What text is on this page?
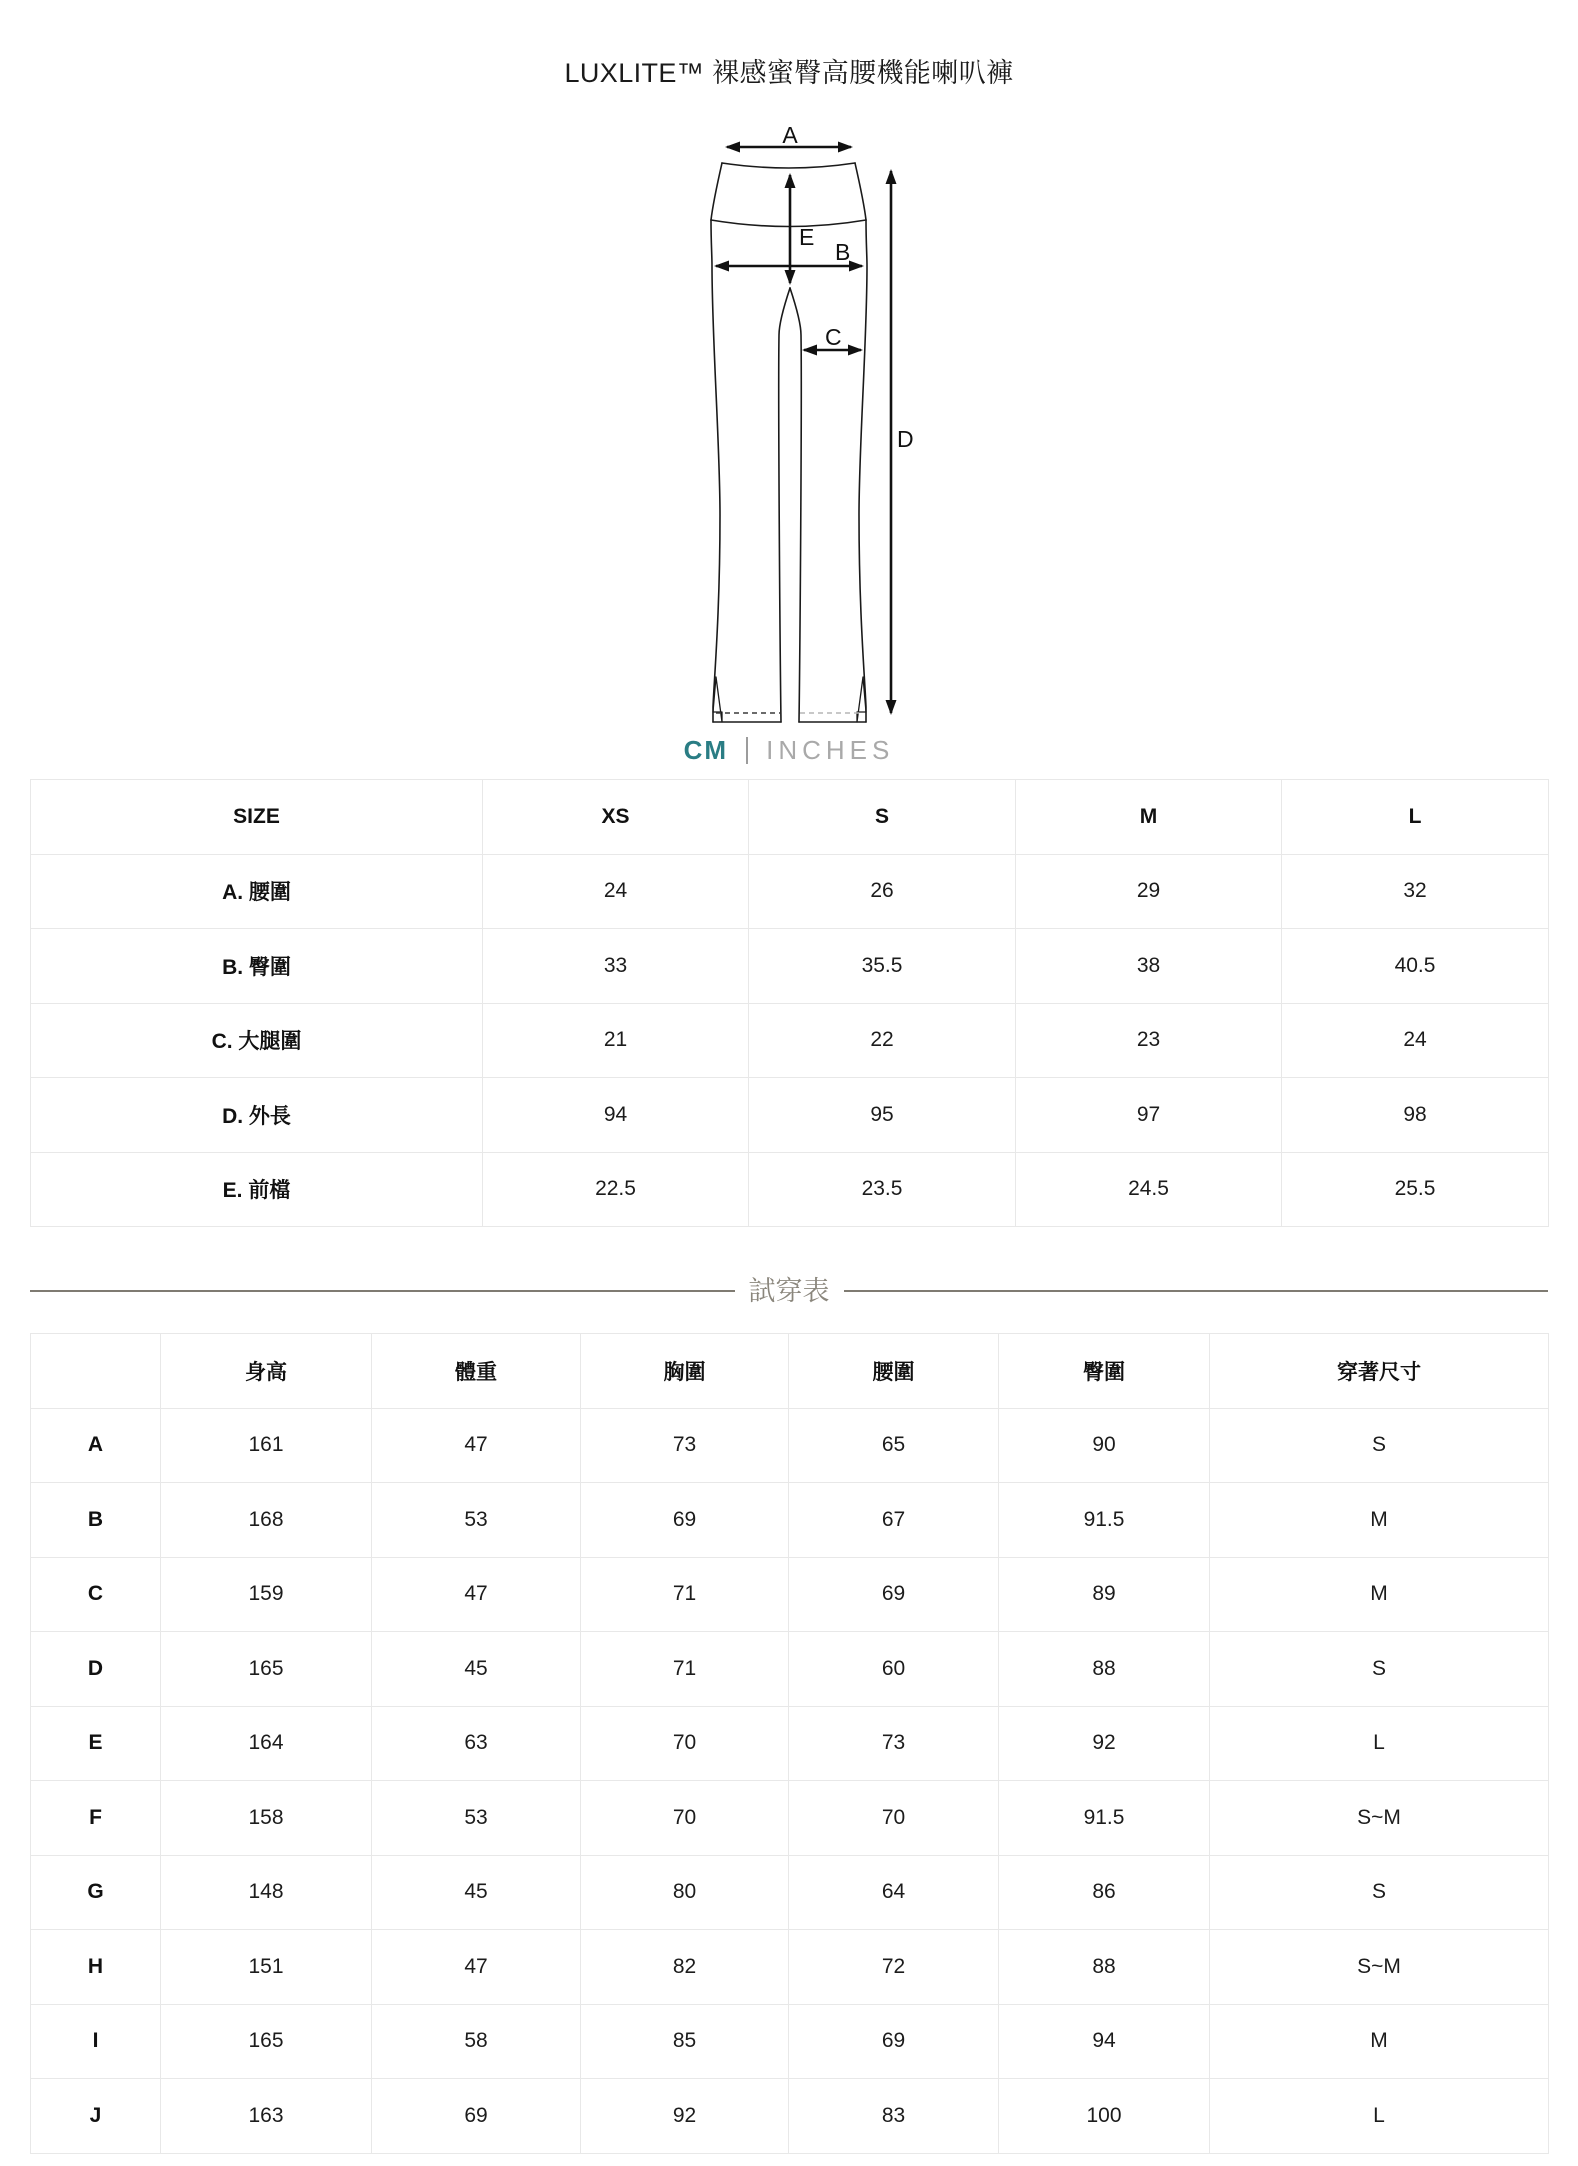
LUXLITE™ 裸感蜜臀高腰機能喇叭褲
A
E
B
C
D
CM INCHES
SIZE	XS	S	M	L
A. 腰圍	24	26	29	32
B. 臀圍	33	35.5	38	40.5
C. 大腿圍	21	22	23	24
D. 外長	94	95	97	98
E. 前檔	22.5	23.5	24.5	25.5
試穿表
	身高	體重	胸圍	腰圍	臀圍	穿著尺寸
A	161	47	73	65	90	S
B	168	53	69	67	91.5	M
C	159	47	71	69	89	M
D	165	45	71	60	88	S
E	164	63	70	73	92	L
F	158	53	70	70	91.5	S~M
G	148	45	80	64	86	S
H	151	47	82	72	88	S~M
I	165	58	85	69	94	M
J	163	69	92	83	100	L
